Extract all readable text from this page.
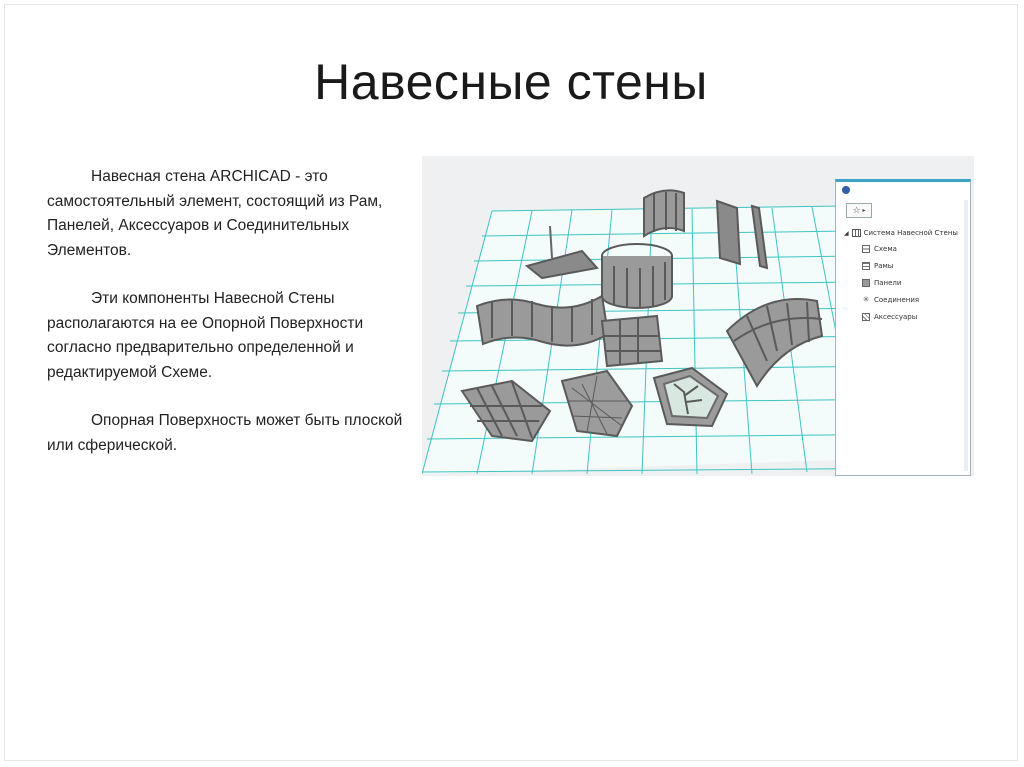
Навесные стены

Навесная стена ARCHICAD - это самостоятельный элемент, состоящий из Рам, Панелей, Аксессуаров и Соединительных Элементов.

Эти компоненты Навесной Стены располагаются на ее Опорной Поверхности согласно предварительно определенной и редактируемой Схеме.

Опорная Поверхность может быть плоской или сферической.

☆ ▸
◢ Система Навесной Стены
Схема
Рамы
Панели
✳ Соединения
Аксессуары
